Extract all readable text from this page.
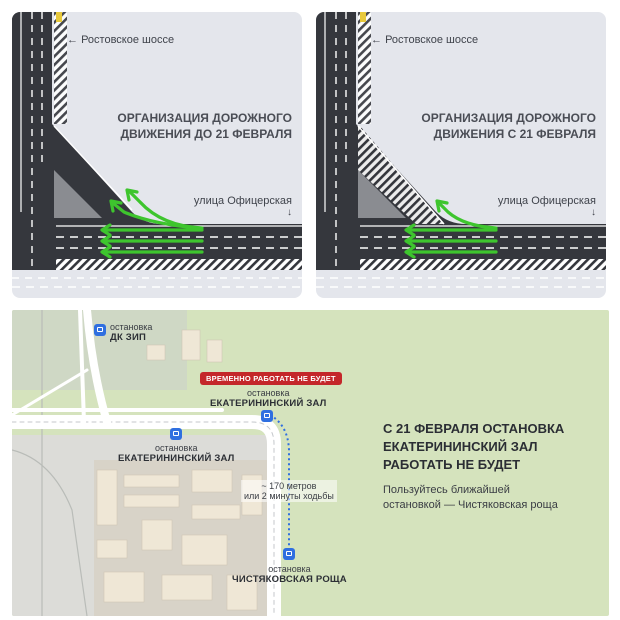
← Ростовское шоссе
ОРГАНИЗАЦИЯ ДОРОЖНОГО
ДВИЖЕНИЯ ДО 21 ФЕВРАЛЯ
улица Офицерская
↓
← Ростовское шоссе
ОРГАНИЗАЦИЯ ДОРОЖНОГО
ДВИЖЕНИЯ С 21 ФЕВРАЛЯ
улица Офицерская
↓
остановка
ДК ЗИП
ВРЕМЕННО РАБОТАТЬ НЕ БУДЕТ
остановка
ЕКАТЕРИНИНСКИЙ ЗАЛ
остановка
ЕКАТЕРИНИНСКИЙ ЗАЛ
~ 170 метров
или 2 минуты ходьбы
остановка
ЧИСТЯКОВСКАЯ РОЩА
С 21 ФЕВРАЛЯ ОСТАНОВКА
ЕКАТЕРИНИНСКИЙ ЗАЛ
РАБОТАТЬ НЕ БУДЕТ
Пользуйтесь ближайшей
остановкой — Чистяковская роща
